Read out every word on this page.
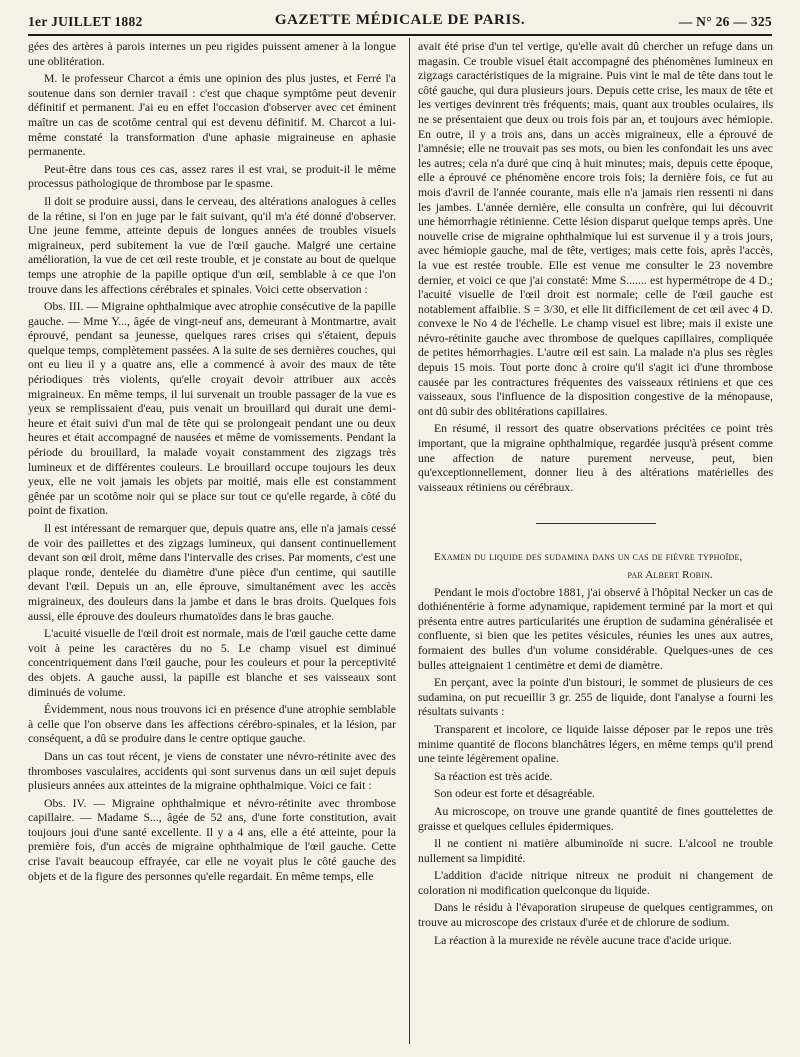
1er JUILLET 1882	GAZETTE MÉDICALE DE PARIS.	— N° 26 — 325

gées des artères à parois internes un peu rigides puissent amener à la longue une oblitération.

M. le professeur Charcot a émis une opinion des plus justes, et Ferré l'a soutenue dans son dernier travail : c'est que chaque symptôme peut devenir définitif et permanent. J'ai eu en effet l'occasion d'observer avec cet éminent maître un cas de scotôme central qui est devenu définitif. M. Charcot a lui-même constaté la transformation d'une aphasie migraineuse en aphasie permanente.

Peut-être dans tous ces cas, assez rares il est vrai, se produit-il le même processus pathologique de thrombose par le spasme.

Il doit se produire aussi, dans le cerveau, des altérations analogues à celles de la rétine, si l'on en juge par le fait suivant, qu'il m'a été donné d'observer. Une jeune femme, atteinte depuis de longues années de troubles visuels migraineux, perd subitement la vue de l'œil gauche. Malgré une certaine amélioration, la vue de cet œil reste trouble, et je constate au bout de quelque temps une atrophie de la papille optique d'un œil, semblable à ce que l'on trouve dans les affections cérébrales et spinales. Voici cette observation :

Obs. III. — Migraine ophthalmique avec atrophie consécutive de la papille gauche. — Mme Y..., âgée de vingt-neuf ans, demeurant à Montmartre, avait éprouvé, pendant sa jeunesse, quelques rares crises qui s'étaient, depuis quelque temps, complètement passées. A la suite de ses dernières couches, qui ont eu lieu il y a quatre ans, elle a commencé à avoir des maux de tête périodiques très violents, qu'elle croyait devoir attribuer aux accès migraineux. En même temps, il lui survenait un trouble passager de la vue es yeux se remplissaient d'eau, puis venait un brouillard qui durait une demi-heure et était suivi d'un mal de tête qui se prolongeait pendant une ou deux heures et était accompagné de nausées et même de vomissements. Pendant la période du brouillard, la malade voyait constamment des zigzags très lumineux et de différentes couleurs. Le brouillard occupe toujours les deux yeux, elle ne voit jamais les objets par moitié, mais elle est constamment gênée par un scotôme noir qui se place sur tout ce qu'elle regarde, à côté du point de fixation.

Il est intéressant de remarquer que, depuis quatre ans, elle n'a jamais cessé de voir des paillettes et des zigzags lumineux, qui dansent continuellement devant son œil droit, même dans l'intervalle des crises. Par moments, c'est une plaque ronde, dentelée du diamètre d'une pièce d'un centime, qui sautille devant l'œil. Depuis un an, elle éprouve, simultanément avec les accès migraineux, des douleurs dans la jambe et dans le bras droits. Quelques fois aussi, elle éprouve des douleurs rhumatoïdes dans le bras gauche.

L'acuité visuelle de l'œil droit est normale, mais de l'œil gauche cette dame voit à peine les caractères du no 5. Le champ visuel est diminué concentriquement dans l'œil gauche, pour les couleurs et pour la perceptivité des objets. A gauche aussi, la papille est blanche et ses vaisseaux sont diminués de volume.

Évidemment, nous nous trouvons ici en présence d'une atrophie semblable à celle que l'on observe dans les affections cérébro-spinales, et la lésion, par conséquent, a dû se produire dans le centre optique gauche.

Dans un cas tout récent, je viens de constater une névro-rétinite avec des thromboses vasculaires, accidents qui sont survenus dans un œil sujet depuis plusieurs années aux atteintes de la migraine ophthalmique. Voici ce fait :

Obs. IV. — Migraine ophthalmique et névro-rétinite avec thrombose capillaire. — Madame S..., âgée de 52 ans, d'une forte constitution, avait toujours joui d'une santé excellente. Il y a 4 ans, elle a été atteinte, pour la première fois, d'un accès de migraine ophthalmique de l'œil gauche. Cette crise l'avait beaucoup effrayée, car elle ne voyait plus le côté gauche des objets et de la figure des personnes qu'elle regardait. En même temps, elle

avait été prise d'un tel vertige, qu'elle avait dû chercher un refuge dans un magasin. Ce trouble visuel était accompagné des phénomènes lumineux en zigzags caractéristiques de la migraine. Puis vint le mal de tête dans tout le côté gauche, qui dura plusieurs jours. Depuis cette crise, les maux de tête et les vertiges devinrent très fréquents; mais, quant aux troubles oculaires, ils ne se présentaient que deux ou trois fois par an, et toujours avec hémiopie. En outre, il y a trois ans, dans un accès migraineux, elle a éprouvé de l'amnésie; elle ne trouvait pas ses mots, ou bien les confondait les uns avec les autres; cela n'a duré que cinq à huit minutes; mais, depuis cette époque, elle a éprouvé ce phénomène encore trois fois; la dernière fois, ce fut au mois d'avril de l'année courante, mais elle n'a jamais rien ressenti ni dans les jambes. L'année dernière, elle consulta un confrère, qui lui découvrit une hémorrhagie rétinienne. Cette lésion disparut quelque temps après. Une nouvelle crise de migraine ophthalmique lui est survenue il y a trois jours, avec hémiopie gauche, mal de tête, vertiges; mais cette fois, après l'accès, la vue est restée trouble. Elle est venue me consulter le 23 novembre dernier, et voici ce que j'ai constaté: Mme S....... est hypermétrope de 4 D.; l'acuité visuelle de l'œil droit est normale; celle de l'œil gauche est notablement affaiblie. S = 3/30, et elle lit difficilement de cet œil avec 4 D. convexe le No 4 de l'échelle. Le champ visuel est libre; mais il existe une névro-rétinite gauche avec thrombose de quelques capillaires, compliquée de petites hémorrhagies. L'autre œil est sain. La malade n'a plus ses règles depuis 15 mois. Tout porte donc à croire qu'il s'agit ici d'une thrombose causée par les contractures fréquentes des vaisseaux rétiniens et que ces vaisseaux, sous l'influence de la disposition congestive de la ménopause, ont dû subir des oblitérations capillaires.

En résumé, il ressort des quatre observations précitées ce point très important, que la migraine ophthalmique, regardée jusqu'à présent comme une affection de nature purement nerveuse, peut, bien qu'exceptionnellement, donner lieu à des altérations matérielles des vaisseaux rétiniens ou cérébraux.

Examen du liquide des sudamina dans un cas de fièvre typhoïde,

par Albert Robin.

Pendant le mois d'octobre 1881, j'ai observé à l'hôpital Necker un cas de dothiénentérie à forme adynamique, rapidement terminé par la mort et qui présenta entre autres particularités une éruption de sudamina généralisée et confluente, si bien que les petites vésicules, réunies les unes aux autres, formaient des bulles d'un volume considérable. Quelques-unes de ces bulles atteignaient 1 centimètre et demi de diamètre.

En perçant, avec la pointe d'un bistouri, le sommet de plusieurs de ces sudamina, on put recueillir 3 gr. 255 de liquide, dont l'analyse a fourni les résultats suivants :

Transparent et incolore, ce liquide laisse déposer par le repos une très minime quantité de flocons blanchâtres légers, en même temps qu'il prend une teinte légèrement opaline.

Sa réaction est très acide.

Son odeur est forte et désagréable.

Au microscope, on trouve une grande quantité de fines gouttelettes de graisse et quelques cellules épidermiques.

Il ne contient ni matière albuminoïde ni sucre. L'alcool ne trouble nullement sa limpidité.

L'addition d'acide nitrique nitreux ne produit ni changement de coloration ni modification quelconque du liquide.

Dans le résidu à l'évaporation sirupeuse de quelques centigrammes, on trouve au microscope des cristaux d'urée et de chlorure de sodium.

La réaction à la murexide ne révèle aucune trace d'acide urique.
